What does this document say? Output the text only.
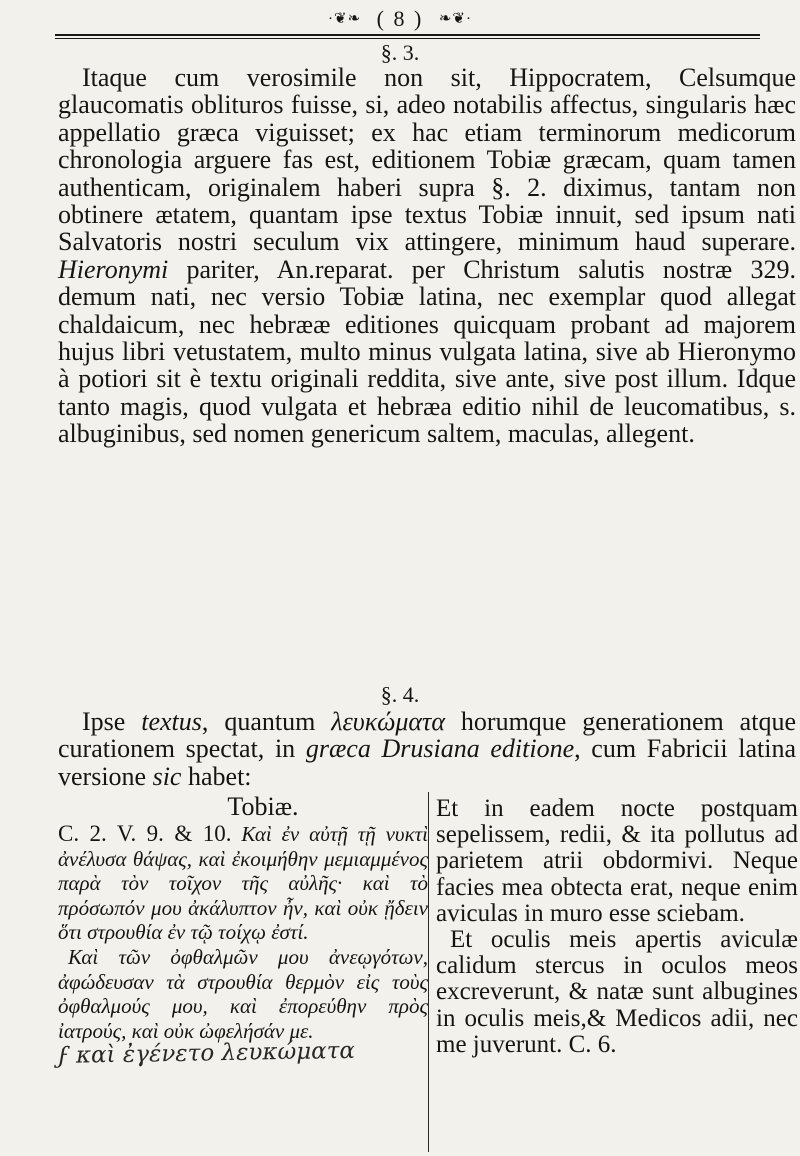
·❦❧ ( 8 ) ❧❦·
§. 3.
Itaque cum verosimile non sit, Hippocratem, Celsumque glaucomatis oblituros fuisse, si, adeo notabilis affectus, singularis hæc appellatio græca viguisset; ex hac etiam terminorum medicorum chronologia arguere fas est, editionem Tobiæ græcam, quam tamen authenticam, originalem haberi supra §. 2. diximus, tantam non obtinere ætatem, quantam ipse textus Tobiæ innuit, sed ipsum nati Salvatoris nostri seculum vix attingere, minimum haud superare. Hieronymi pariter, An.reparat. per Christum salutis nostræ 329. demum nati, nec versio Tobiæ latina, nec exemplar quod allegat chaldaicum, nec hebrææ editiones quicquam probant ad majorem hujus libri vetustatem, multo minus vulgata latina, sive ab Hieronymo à potiori sit è textu originali reddita, sive ante, sive post illum. Idque tanto magis, quod vulgata et hebræa editio nihil de leucomatibus, s. albuginibus, sed nomen genericum saltem, maculas, allegent.
§. 4.
Ipse textus, quantum λευκώματα horumque generationem atque curationem spectat, in græca Drusiana editione, cum Fabricii latina versione sic habet:
Tobiæ.
C. 2. V. 9. & 10. Καὶ ἐν αὐτῇ τῇ νυκτὶ ἀνέλυσα θάψας, καὶ ἐκοιμήθην μεμιαμμένος παρὰ τὸν τοῖχον τῆς αὐλῆς· καὶ τὸ πρόσωπόν μου ἀκάλυπτον ἦν, καὶ οὐκ ᾔδειν ὅτι στρουθία ἐν τῷ τοίχῳ ἐστί.
Καὶ τῶν ὀφθαλμῶν μου ἀνεῳγότων, ἀφώδευσαν τὰ στρουθία θερμὸν εἰς τοὺς ὀφθαλμούς μου, καὶ ἐπορεύθην πρὸς ἰατρούς, καὶ οὐκ ὠφελήσάν με.
ϝ καὶ ἐγένετο λευκώματα
Et in eadem nocte postquam sepelissem, redii, & ita pollutus ad parietem atrii obdormivi. Neque facies mea obtecta erat, neque enim aviculas in muro esse sciebam.
Et oculis meis apertis aviculæ calidum stercus in oculos meos excreverunt, & natæ sunt albugines in oculis meis,& Medicos adii, nec me juverunt. C. 6.
